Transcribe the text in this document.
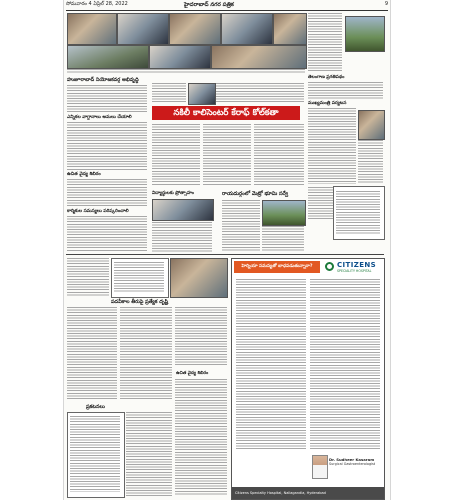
సోమవారం 4 ఏప్రిల్ 28, 2022	హైదరాబాద్ నగర పత్రిక	9
తెలంగాణ ప్రగతిపథం
ముఖ్యమంత్రి పర్యటన
హుజూరాబాద్ నియోజకవర్గ అభివృద్ధి
ఎన్నికల వాగ్దానాలు అమలు చేయాలి
ఉచిత వైద్య శిబిరం
కార్మికుల సమస్యలు పరిష్కరించాలి
నకిలీ కాలిసెంటర్ కేరాఫ్ కోల్‌కతా
విద్యార్థులకు ప్రోత్సాహం	రాయదుర్గంలో మెట్రో భూమి సర్వే
పదవీకాల తీరుపై ప్రత్యేక దృష్టి
ఉచిత వైద్య శిబిరం
ప్రకటనలు
హెర్నియా సమస్యతో బాధపడుతున్నారా?	CITIZENS
SPECIALITY HOSPITAL
Dr. Sudheer Kasaram
Surgical Gastroenterologist
Citizens Specialty Hospital, Nallagandla, Hyderabad
